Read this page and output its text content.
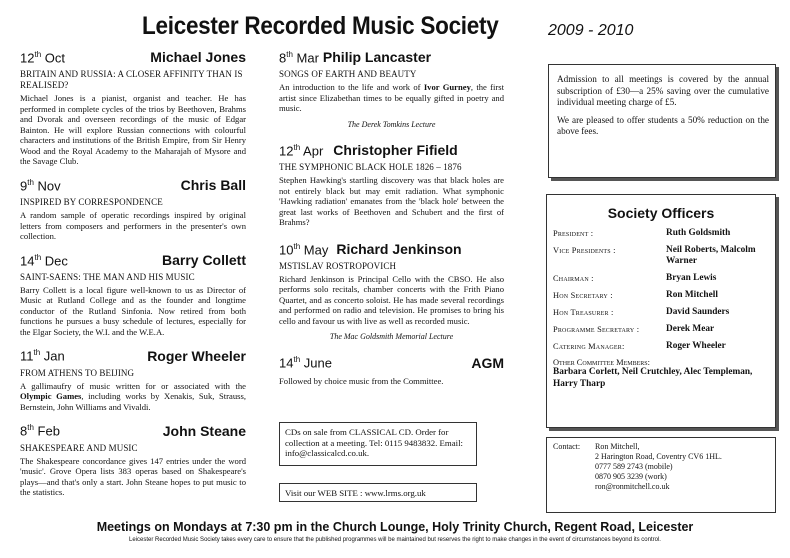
Leicester Recorded Music Society	2009 - 2010
12th Oct	Michael Jones
BRITAIN AND RUSSIA: A CLOSER AFFINITY THAN IS REALISED?
Michael Jones is a pianist, organist and teacher. He has performed in complete cycles of the trios by Beethoven, Brahms and Dvorak and overseen recordings of the music of Edgar Bainton. He will explore Russian connections with colourful characters and institutions of the British Empire, from Sir Henry Wood and the Royal Academy to the Maharajah of Mysore and the Savage Club.
9th Nov	Chris Ball
INSPIRED BY CORRESPONDENCE
A random sample of operatic recordings inspired by original letters from composers and performers in the presenter's own collection.
14th Dec	Barry Collett
SAINT-SAENS: THE MAN AND HIS MUSIC
Barry Collett is a local figure well-known to us as Director of Music at Rutland College and as the founder and longtime conductor of the Rutland Sinfonia. Now retired from both functions he pursues a busy schedule of lectures, especially for the Elgar Society, the W.I. and the W.E.A.
11th Jan	Roger Wheeler
FROM ATHENS TO BEIJING
A gallimaufry of music written for or associated with the Olympic Games, including works by Xenakis, Suk, Strauss, Bernstein, John Williams and Vivaldi.
8th Feb	John Steane
SHAKESPEARE AND MUSIC
The Shakespeare concordance gives 147 entries under the word 'music'. Grove Opera lists 383 operas based on Shakespeare's plays—and that's only a start. John Steane hopes to put music to the statistics.
8th Mar Philip Lancaster
SONGS OF EARTH AND BEAUTY
An introduction to the life and work of Ivor Gurney, the first artist since Elizabethan times to be equally gifted in poetry and music.
The Derek Tomkins Lecture
12th Apr Christopher Fifield
THE SYMPHONIC BLACK HOLE 1826 – 1876
Stephen Hawking's startling discovery was that black holes are not entirely black but may emit radiation. What symphonic 'Hawking radiation' emanates from the 'black hole' between the great last works of Beethoven and Schubert and the first of Brahms?
10th May Richard Jenkinson
MSTISLAV ROSTROPOVICH
Richard Jenkinson is Principal Cello with the CBSO. He also performs solo recitals, chamber concerts with the Frith Piano Quartet, and as concerto soloist. He has made several recordings and performed on radio and television. He promises to bring his cello and favour us with live as well as recorded music.
The Mac Goldsmith Memorial Lecture
14th June	AGM
Followed by choice music from the Committee.

Admission to all meetings is covered by the annual subscription of £30—a 25% saving over the cumulative individual meeting charge of £5.

We are pleased to offer students a 50% reduction on the above fees.

Society Officers
President :	Ruth Goldsmith
Vice Presidents :	Neil Roberts, Malcolm Warner
Chairman :	Bryan Lewis
Hon Secretary :	Ron Mitchell
Hon Treasurer :	David Saunders
Programme Secretary :	Derek Mear
Catering Manager:	Roger Wheeler
Other Committee Members:
Barbara Corlett, Neil Crutchley, Alec Templeman, Harry Tharp
Contact:	Ron Mitchell,
2 Harington Road, Coventry CV6 1HL.
0777 589 2743 (mobile)
0870 905 3239 (work)
ron@ronmitchell.co.uk
CDs on sale from CLASSICAL CD. Order for collection at a meeting. Tel: 0115 9483832. Email: info@classicalcd.co.uk.
Visit our WEB SITE : www.lrms.org.uk
Meetings on Mondays at 7:30 pm in the Church Lounge, Holy Trinity Church, Regent Road, Leicester
Leicester Recorded Music Society takes every care to ensure that the published programmes will be maintained but reserves the right to make changes in the event of circumstances beyond its control.
